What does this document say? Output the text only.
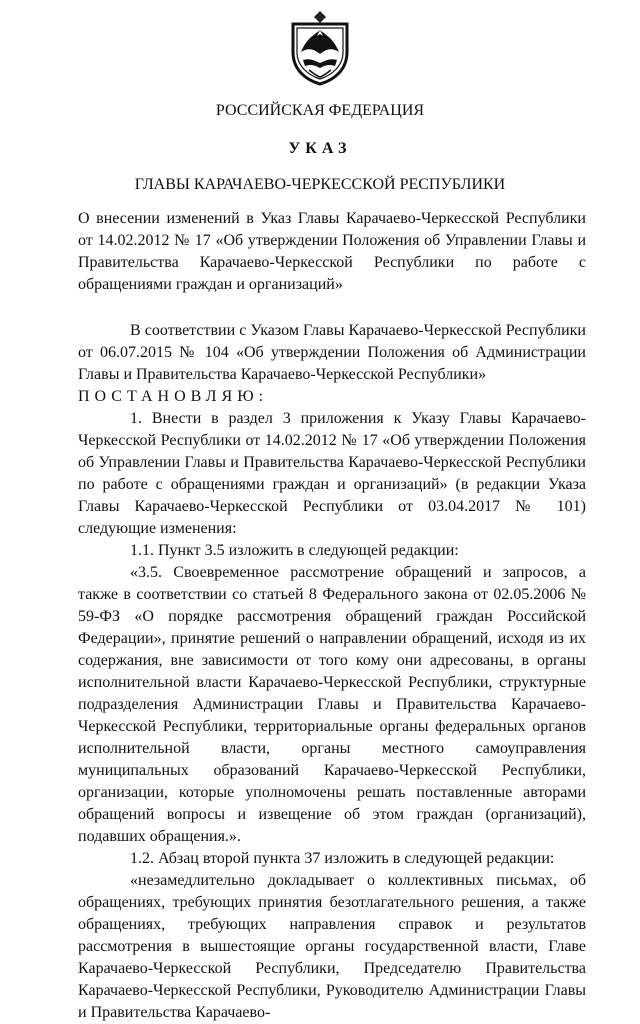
РОССИЙСКАЯ ФЕДЕРАЦИЯ
УКАЗ
ГЛАВЫ КАРАЧАЕВО-ЧЕРКЕССКОЙ РЕСПУБЛИКИ
О внесении изменений в Указ Главы Карачаево-Черкесской Республики от 14.02.2012 № 17 «Об утверждении Положения об Управлении Главы и Правительства Карачаево-Черкесской Республики по работе с обращениями граждан и организаций»

В соответствии с Указом Главы Карачаево-Черкесской Республики от 06.07.2015 № 104 «Об утверждении Положения об Администрации Главы и Правительства Карачаево-Черкесской Республики»

ПОСТАНОВЛЯЮ:

1. Внести в раздел 3 приложения к Указу Главы Карачаево-Черкесской Республики от 14.02.2012 № 17 «Об утверждении Положения об Управлении Главы и Правительства Карачаево-Черкесской Республики по работе с обращениями граждан и организаций» (в редакции Указа Главы Карачаево-Черкесской Республики от 03.04.2017 № 101) следующие изменения:

1.1. Пункт 3.5 изложить в следующей редакции:

«3.5. Своевременное рассмотрение обращений и запросов, а также в соответствии со статьей 8 Федерального закона от 02.05.2006 № 59-ФЗ «О порядке рассмотрения обращений граждан Российской Федерации», принятие решений о направлении обращений, исходя из их содержания, вне зависимости от того кому они адресованы, в органы исполнительной власти Карачаево-Черкесской Республики, структурные подразделения Администрации Главы и Правительства Карачаево-Черкесской Республики, территориальные органы федеральных органов исполнительной власти, органы местного самоуправления муниципальных образований Карачаево-Черкесской Республики, организации, которые уполномочены решать поставленные авторами обращений вопросы и извещение об этом граждан (организаций), подавших обращения.».

1.2. Абзац второй пункта 37 изложить в следующей редакции:

«незамедлительно докладывает о коллективных письмах, об обращениях, требующих принятия безотлагательного решения, а также обращениях, требующих направления справок и результатов рассмотрения в вышестоящие органы государственной власти, Главе Карачаево-Черкесской Республики, Председателю Правительства Карачаево-Черкесской Республики, Руководителю Администрации Главы и Правительства Карачаево-
